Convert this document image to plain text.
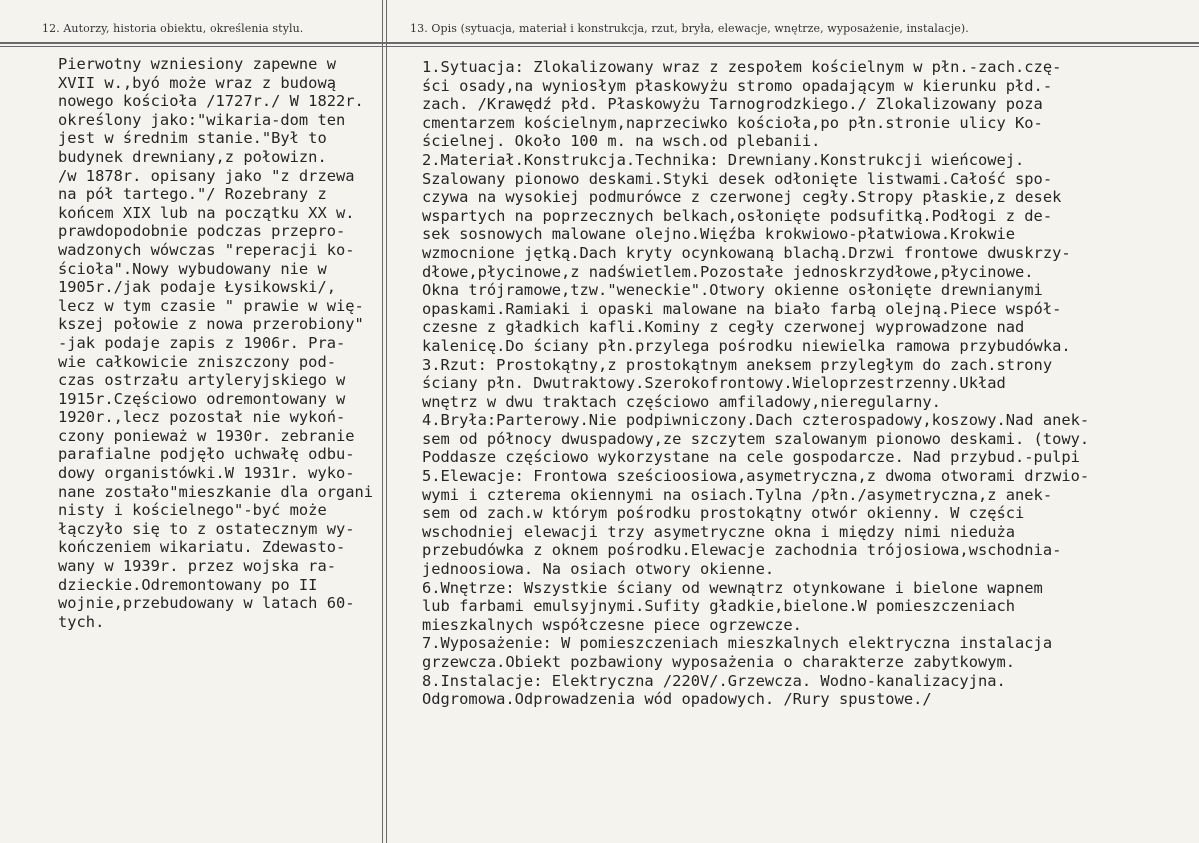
12. Autorzy, historia obiektu, określenia stylu.	13. Opis (sytuacja, materiał i konstrukcja, rzut, bryła, elewacje, wnętrze, wyposażenie, instalacje).
Pierwotny wzniesiony zapewne w
XVII w.,byó może wraz z budową
nowego kościoła /1727r./ W 1822r.
określony jako:"wikaria-dom ten
jest w średnim stanie."Był to
budynek drewniany,z połowizn.
/w 1878r. opisany jako "z drzewa
na pół tartego."/ Rozebrany z
końcem XIX lub na początku XX w.
prawdopodobnie podczas przepro-
wadzonych wówczas "reperacji ko-
ścioła".Nowy wybudowany nie w
1905r./jak podaje Łysikowski/,
lecz w tym czasie " prawie w wię-
kszej połowie z nowa przerobiony"
-jak podaje zapis z 1906r. Pra-
wie całkowicie zniszczony pod-
czas ostrzału artyleryjskiego w
1915r.Częściowo odremontowany w
1920r.,lecz pozostał nie wykoń-
czony ponieważ w 1930r. zebranie
parafialne podjęło uchwałę odbu-
dowy organistówki.W 1931r. wyko-
nane zostało"mieszkanie dla organi
nisty i kościelnego"-być może
łączyło się to z ostatecznym wy-
kończeniem wikariatu. Zdewasto-
wany w 1939r. przez wojska ra-
dzieckie.Odremontowany po II
wojnie,przebudowany w latach 60-
tych.
1.Sytuacja: Zlokalizowany wraz z zespołem kościelnym w płn.-zach.czę-
ści osady,na wyniosłym płaskowyżu stromo opadającym w kierunku płd.-
zach. /Krawędź płd. Płaskowyżu Tarnogrodzkiego./ Zlokalizowany poza
cmentarzem kościelnym,naprzeciwko kościoła,po płn.stronie ulicy Ko-
ścielnej. Około 100 m. na wsch.od plebanii.
2.Materiał.Konstrukcja.Technika: Drewniany.Konstrukcji wieńcowej.
Szalowany pionowo deskami.Styki desek odłonięte listwami.Całość spo-
czywa na wysokiej podmurówce z czerwonej cegły.Stropy płaskie,z desek
wspartych na poprzecznych belkach,osłonięte podsufitką.Podłogi z de-
sek sosnowych malowane olejno.Więźba krokwiowo-płatwiowa.Krokwie
wzmocnione jętką.Dach kryty ocynkowaną blachą.Drzwi frontowe dwuskrzy-
dłowe,płycinowe,z nadświetlem.Pozostałe jednoskrzydłowe,płycinowe.
Okna trójramowe,tzw."weneckie".Otwory okienne osłonięte drewnianymi
opaskami.Ramiaki i opaski malowane na biało farbą olejną.Piece współ-
czesne z gładkich kafli.Kominy z cegły czerwonej wyprowadzone nad
kalenicę.Do ściany płn.przylega pośrodku niewielka ramowa przybudówka.
3.Rzut: Prostokątny,z prostokątnym aneksem przyległym do zach.strony
ściany płn. Dwutraktowy.Szerokofrontowy.Wieloprzestrzenny.Układ
wnętrz w dwu traktach częściowo amfiladowy,nieregularny.
4.Bryła:Parterowy.Nie podpiwniczony.Dach czterospadowy,koszowy.Nad anek-
sem od północy dwuspadowy,ze szczytem szalowanym pionowo deskami. (towy.
Poddasze częściowo wykorzystane na cele gospodarcze. Nad przybud.-pulpi
5.Elewacje: Frontowa sześcioosiowa,asymetryczna,z dwoma otworami drzwio-
wymi i czterema okiennymi na osiach.Tylna /płn./asymetryczna,z anek-
sem od zach.w którym pośrodku prostokątny otwór okienny. W części
wschodniej elewacji trzy asymetryczne okna i między nimi nieduża
przebudówka z oknem pośrodku.Elewacje zachodnia trójosiowa,wschodnia-
jednoosiowa. Na osiach otwory okienne.
6.Wnętrze: Wszystkie ściany od wewnątrz otynkowane i bielone wapnem
lub farbami emulsyjnymi.Sufity gładkie,bielone.W pomieszczeniach
mieszkalnych współczesne piece ogrzewcze.
7.Wyposażenie: W pomieszczeniach mieszkalnych elektryczna instalacja
grzewcza.Obiekt pozbawiony wyposażenia o charakterze zabytkowym.
8.Instalacje: Elektryczna /220V/.Grzewcza. Wodno-kanalizacyjna.
Odgromowa.Odprowadzenia wód opadowych. /Rury spustowe./
